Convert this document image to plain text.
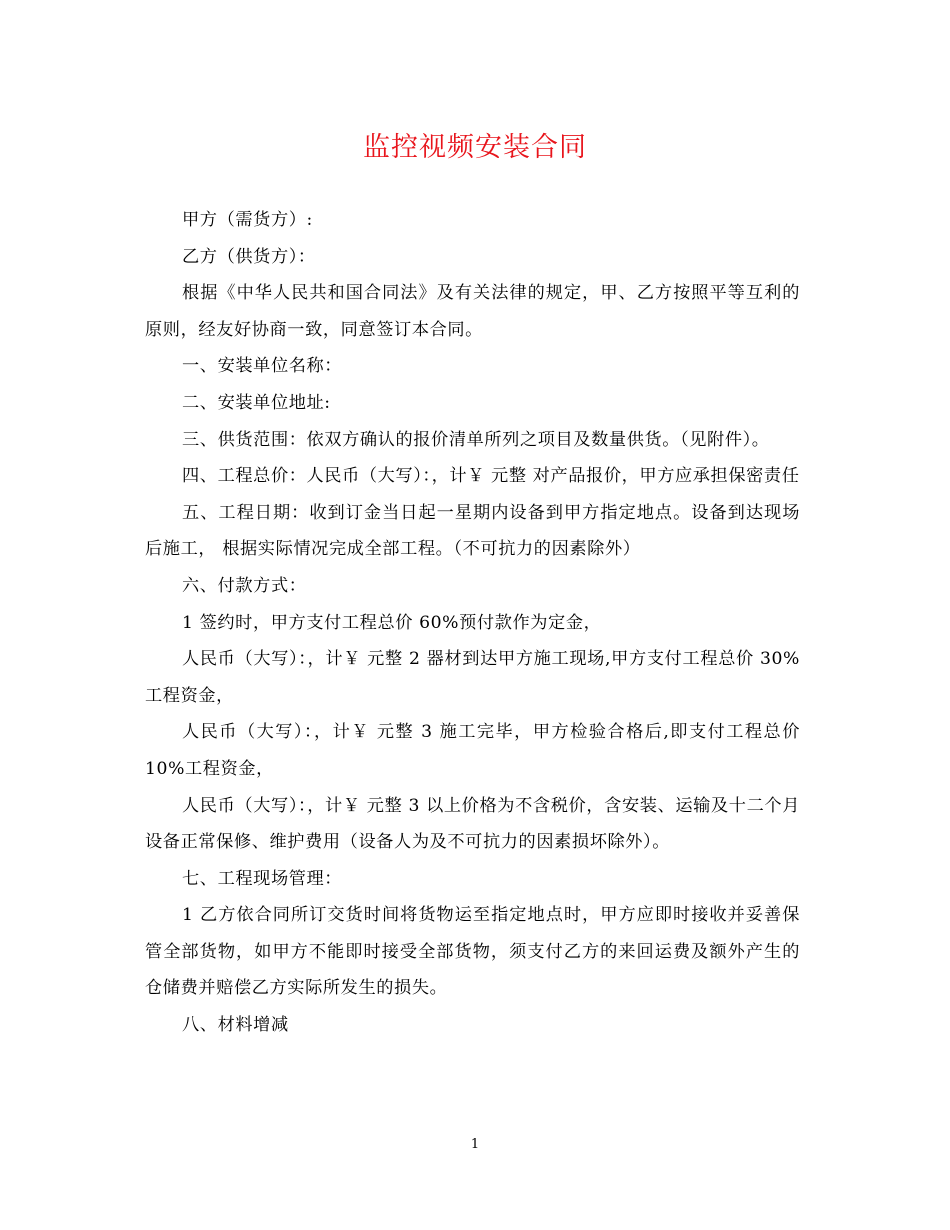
监控视频安装合同

甲方（需货方）:

乙方（供货方）：

根据《中华人民共和国合同法》及有关法律的规定，甲、乙方按照平等互利的原则，经友好协商一致，同意签订本合同。

一、安装单位名称：

二、安装单位地址:

三、供货范围：依双方确认的报价清单所列之项目及数量供货。（见附件）。

四、工程总价：人民币（大写）：，计￥ 元整 对产品报价，甲方应承担保密责任

五、工程日期：收到订金当日起一星期内设备到甲方指定地点。设备到达现场后施工， 根据实际情况完成全部工程。（不可抗力的因素除外）

六、付款方式：

1 签约时，甲方支付工程总价 60%预付款作为定金，

人民币（大写）：，计￥ 元整 2 器材到达甲方施工现场,甲方支付工程总价 30%工程资金，

人民币（大写）：，计￥ 元整 3 施工完毕，甲方检验合格后,即支付工程总价 10%工程资金，

人民币（大写）：，计￥ 元整 3 以上价格为不含税价，含安装、运输及十二个月设备正常保修、维护费用（设备人为及不可抗力的因素损坏除外）。

七、工程现场管理：

1 乙方依合同所订交货时间将货物运至指定地点时，甲方应即时接收并妥善保管全部货物，如甲方不能即时接受全部货物，须支付乙方的来回运费及额外产生的仓储费并赔偿乙方实际所发生的损失。

八、材料增减

1
